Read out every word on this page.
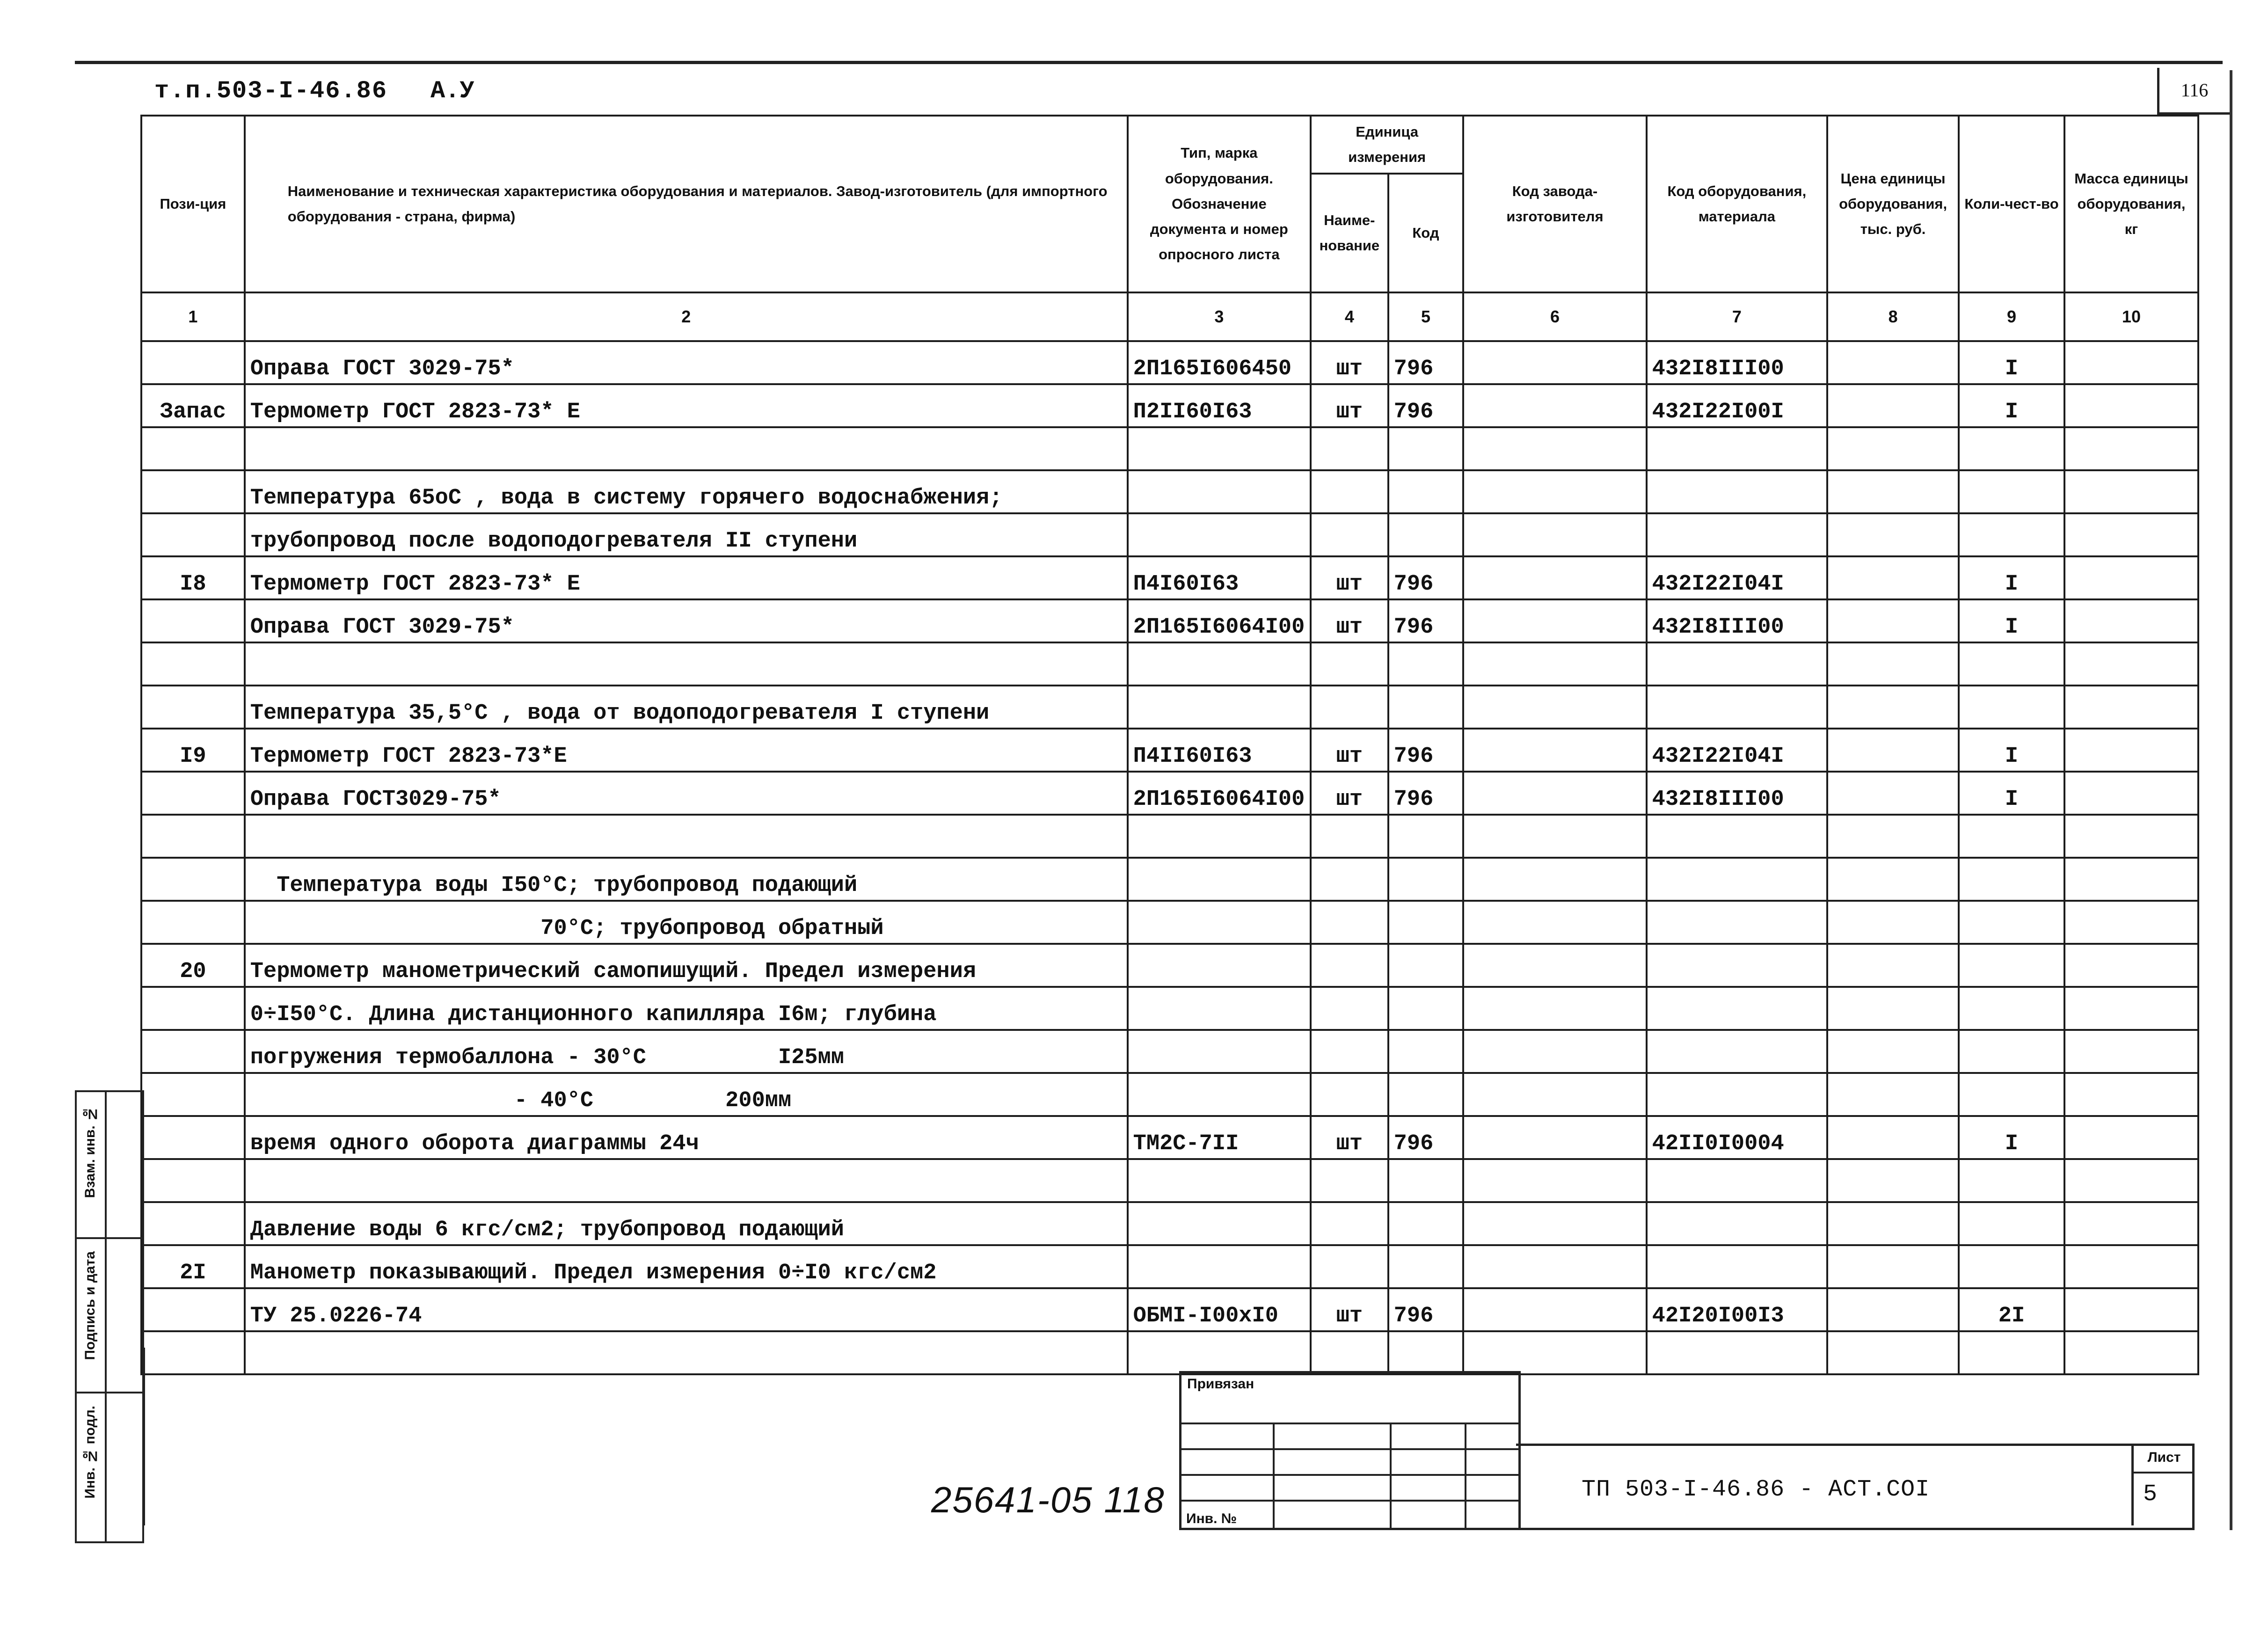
т.п.503-I-46.86 А.У	116
Пози-ция	Наименование и техническая характеристика оборудования и материалов. Завод-изготовитель (для импортного оборудования - страна, фирма)	Тип, марка оборудования. Обозначение документа и номер опросного листа	Единица измерения		Код завода-изготовителя	Код оборудования, материала	Цена единицы оборудования, тыс. руб.	Коли-чест-во	Масса единицы оборудования, кг
			Наиме-нование	Код					
1	2	3	4	5	6	7	8	9	10
	Оправа ГОСТ 3029-75*	2П165I606450	шт	796		432I8III00		I	
Запас	Термометр ГОСТ 2823-73* Е	П2II60I63	шт	796		432I22I00I		I	

	Температура 65оС , вода в систему горячего водоснабжения;								
	трубопровод после водоподогревателя II ступени								
I8	Термометр ГОСТ 2823-73* Е	П4I60I63	шт	796		432I22I04I		I	
	Оправа ГОСТ 3029-75*	2П165I6064I00	шт	796		432I8III00		I	

	Температура 35,5°С , вода от водоподогревателя I ступени								
I9	Термометр ГОСТ 2823-73*Е	П4II60I63	шт	796		432I22I04I		I	
	Оправа ГОСТ3029-75*	2П165I6064I00	шт	796		432I8III00		I	

	Температура воды I50°С; трубопровод подающий								
	70°С; трубопровод обратный								
20	Термометр манометрический самопишущий. Предел измерения								
	0÷I50°С. Длина дистанционного капилляра I6м; глубина								
	погружения термобаллона - 30°С          I25мм								
	- 40°С          200мм								
	время одного оборота диаграммы 24ч	ТМ2С-7II	шт	796		42II0I0004		I	

	Давление воды 6 кгс/см2; трубопровод подающий								
2I	Манометр показывающий. Предел измерения 0÷I0 кгс/см2								
	ТУ 25.0226-74	ОБМI-I00хI0	шт	796		42I20I00I3		2I	

Привязан
Инв. №
ТП 503-I-46.86 - АСТ.СОI
Лист
5
25641-05 118
Взам. инв. №
Подпись и дата
Инв. № подл.
